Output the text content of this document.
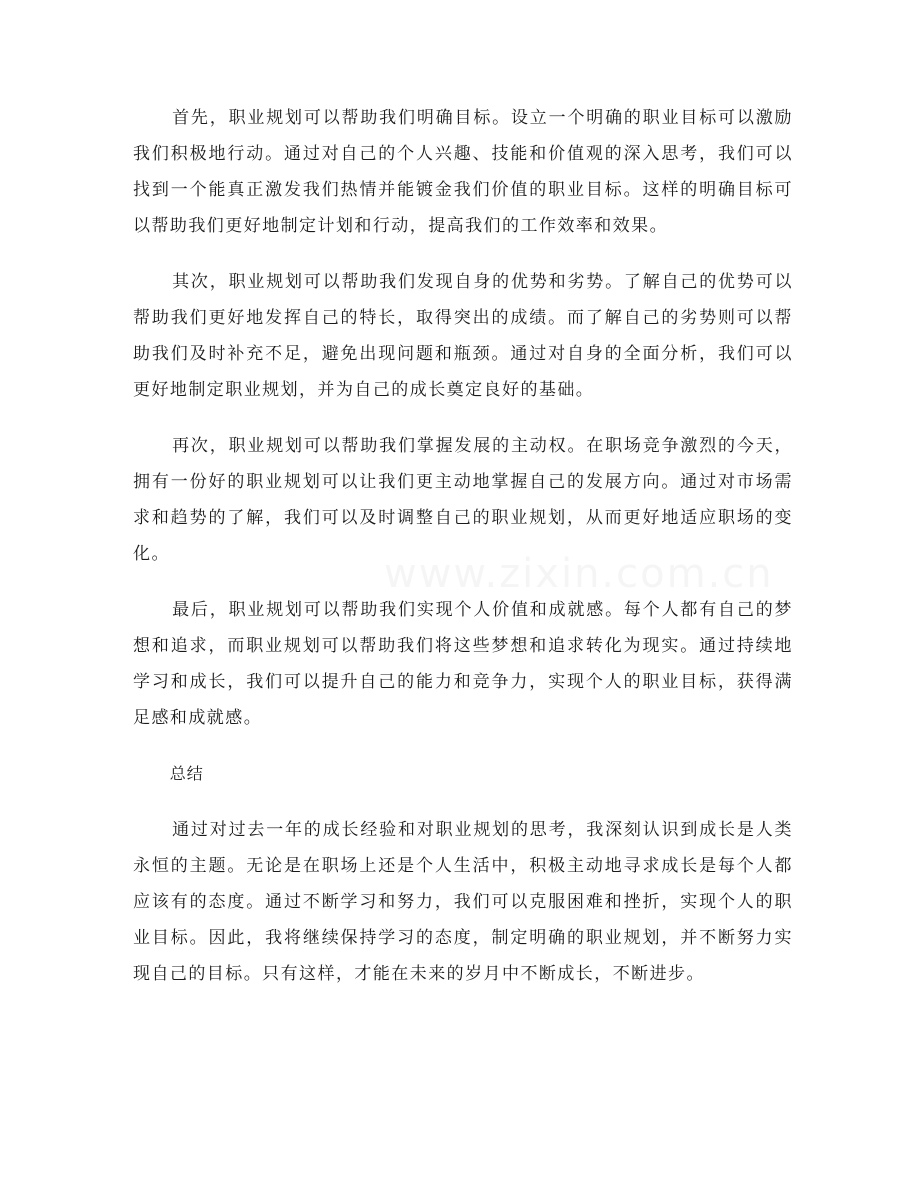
首先，职业规划可以帮助我们明确目标。设立一个明确的职业目标可以激励我们积极地行动。通过对自己的个人兴趣、技能和价值观的深入思考，我们可以找到一个能真正激发我们热情并能镀金我们价值的职业目标。这样的明确目标可以帮助我们更好地制定计划和行动，提高我们的工作效率和效果。

其次，职业规划可以帮助我们发现自身的优势和劣势。了解自己的优势可以帮助我们更好地发挥自己的特长，取得突出的成绩。而了解自己的劣势则可以帮助我们及时补充不足，避免出现问题和瓶颈。通过对自身的全面分析，我们可以更好地制定职业规划，并为自己的成长奠定良好的基础。

再次，职业规划可以帮助我们掌握发展的主动权。在职场竞争激烈的今天，拥有一份好的职业规划可以让我们更主动地掌握自己的发展方向。通过对市场需求和趋势的了解，我们可以及时调整自己的职业规划，从而更好地适应职场的变化。

最后，职业规划可以帮助我们实现个人价值和成就感。每个人都有自己的梦想和追求，而职业规划可以帮助我们将这些梦想和追求转化为现实。通过持续地学习和成长，我们可以提升自己的能力和竞争力，实现个人的职业目标，获得满足感和成就感。

总结

通过对过去一年的成长经验和对职业规划的思考，我深刻认识到成长是人类永恒的主题。无论是在职场上还是个人生活中，积极主动地寻求成长是每个人都应该有的态度。通过不断学习和努力，我们可以克服困难和挫折，实现个人的职业目标。因此，我将继续保持学习的态度，制定明确的职业规划，并不断努力实现自己的目标。只有这样，才能在未来的岁月中不断成长，不断进步。

www.zixin.com.cn
